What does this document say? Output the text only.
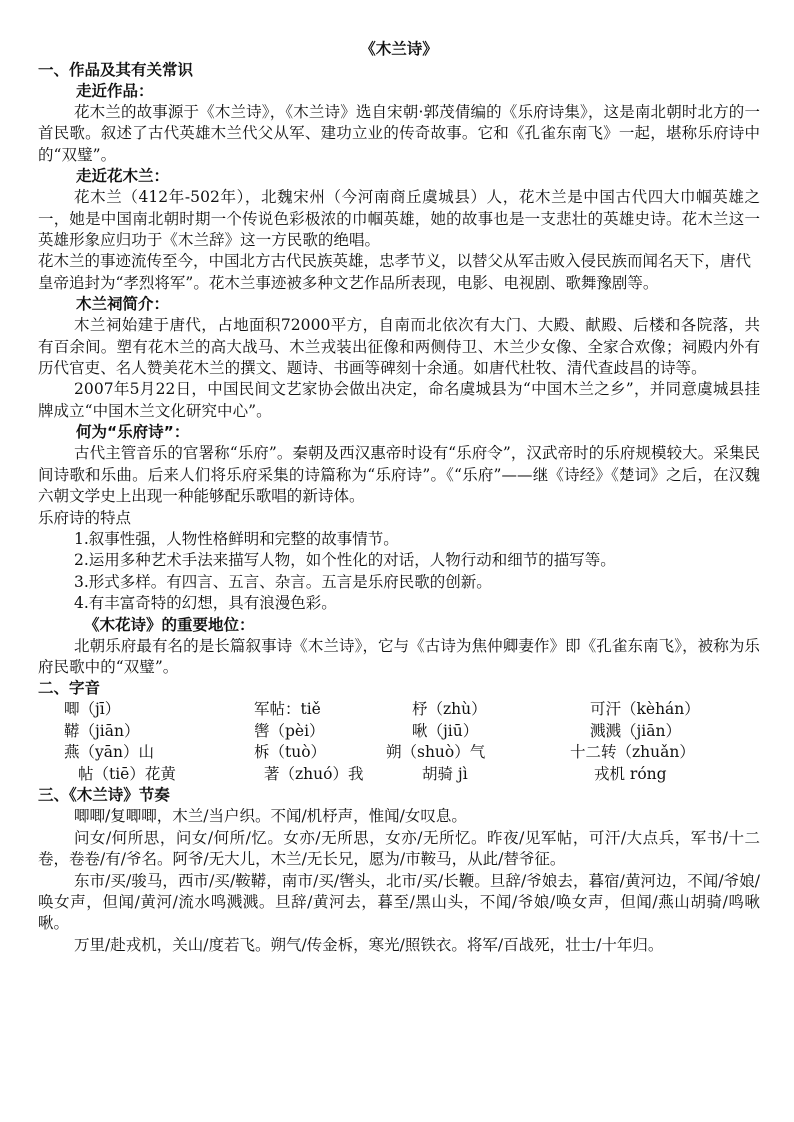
《木兰诗》
一、作品及其有关常识
走近作品：

花木兰的故事源于《木兰诗》，《木兰诗》选自宋朝·郭茂倩编的《乐府诗集》，这是南北朝时北方的一首民歌。叙述了古代英雄木兰代父从军、建功立业的传奇故事。它和《孔雀东南飞》一起，堪称乐府诗中的“双璧”。

走近花木兰：

花木兰（412年-502年），北魏宋州（今河南商丘虞城县）人，花木兰是中国古代四大巾帼英雄之一，她是中国南北朝时期一个传说色彩极浓的巾帼英雄，她的故事也是一支悲壮的英雄史诗。花木兰这一英雄形象应归功于《木兰辞》这一方民歌的绝唱。

花木兰的事迹流传至今，中国北方古代民族英雄，忠孝节义，以替父从军击败入侵民族而闻名天下，唐代皇帝追封为“孝烈将军”。花木兰事迹被多种文艺作品所表现，电影、电视剧、歌舞豫剧等。

木兰祠简介：

木兰祠始建于唐代，占地面积72000平方，自南而北依次有大门、大殿、献殿、后楼和各院落，共有百余间。塑有花木兰的高大战马、木兰戎装出征像和两侧侍卫、木兰少女像、全家合欢像；祠殿内外有历代官吏、名人赞美花木兰的撰文、题诗、书画等碑刻十余通。如唐代杜牧、清代查歧昌的诗等。

2007年5月22日，中国民间文艺家协会做出决定，命名虞城县为“中国木兰之乡”，并同意虞城县挂牌成立“中国木兰文化研究中心”。

何为“乐府诗”：

古代主管音乐的官署称“乐府”。秦朝及西汉惠帝时设有“乐府令”，汉武帝时的乐府规模较大。采集民间诗歌和乐曲。后来人们将乐府采集的诗篇称为“乐府诗”。《“乐府”——继《诗经》《楚词》之后，在汉魏六朝文学史上出现一种能够配乐歌唱的新诗体。

乐府诗的特点

1.叙事性强，人物性格鲜明和完整的故事情节。

2.运用多种艺术手法来描写人物，如个性化的对话，人物行动和细节的描写等。

3.形式多样。有四言、五言、杂言。五言是乐府民歌的创新。

4.有丰富奇特的幻想，具有浪漫色彩。

《木花诗》的重要地位：

北朝乐府最有名的是长篇叙事诗《木兰诗》，它与《古诗为焦仲卿妻作》即《孔雀东南飞》，被称为乐府民歌中的“双璧”。

二、字音
唧（jī）	军帖：tiě	杼（zhù）	可汗（kèhán）
鞯（jiān）	辔（pèi）	啾（jiū）	溅溅（jiān）
燕（yān）山	柝（tuò）	朔（shuò）气	十二转（zhuǎn）
帖（tiē）花黄	著（zhuó）我	胡骑 jì	戎机 róng
三、《木兰诗》节奏

唧唧/复唧唧，木兰/当户织。不闻/机杼声，惟闻/女叹息。

问女/何所思，问女/何所/忆。女亦/无所思，女亦/无所忆。昨夜/见军帖，可汗/大点兵，军书/十二卷，卷卷/有/爷名。阿爷/无大儿，木兰/无长兄，愿为/市鞍马，从此/替爷征。

东市/买/骏马，西市/买/鞍鞯，南市/买/辔头，北市/买/长鞭。旦辞/爷娘去，暮宿/黄河边，不闻/爷娘/唤女声，但闻/黄河/流水鸣溅溅。旦辞/黄河去，暮至/黑山头，不闻/爷娘/唤女声，但闻/燕山胡骑/鸣啾啾。

万里/赴戎机，关山/度若飞。朔气/传金柝，寒光/照铁衣。将军/百战死，壮士/十年归。
